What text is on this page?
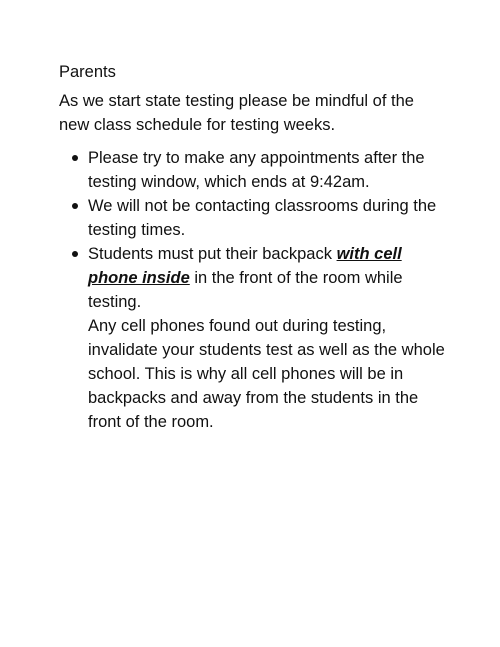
Parents

As we start state testing please be mindful of the new class schedule for testing weeks.

Please try to make any appointments after the testing window, which ends at 9:42am.
We will not be contacting classrooms during the testing times.
Students must put their backpack with cell phone inside in the front of the room while testing.
Any cell phones found out during testing, invalidate your students test as well as the whole school. This is why all cell phones will be in backpacks and away from the students in the front of the room.
